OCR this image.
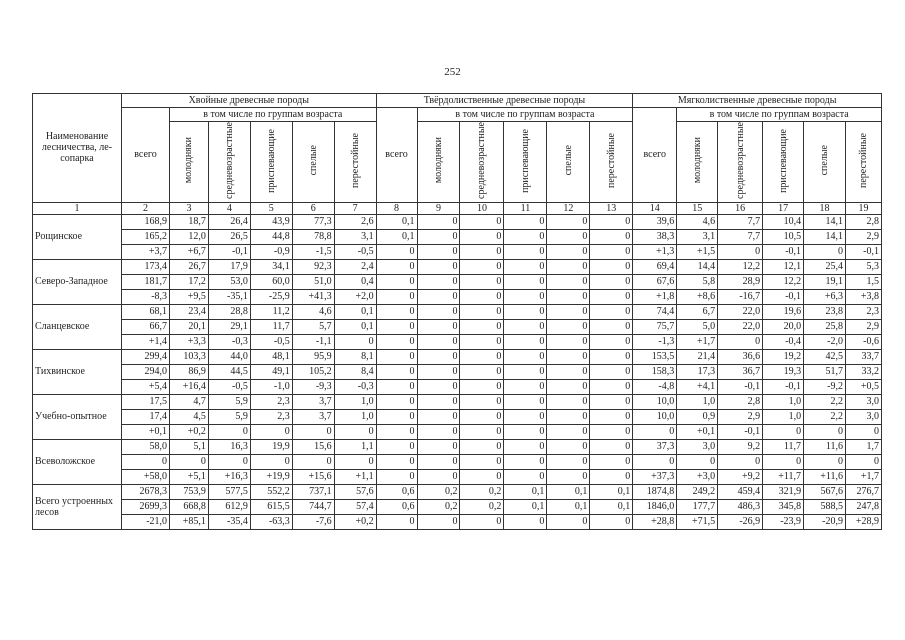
252
Наименование лесничества, ле-сопарка	Хвойные древесные породы						Твёрдолиственные древесные породы						Мягколиственные древесные породы					
	всего	в том числе по группам возраста					всего	в том числе по группам возраста					всего	в том числе по группам возраста				
		молодняки	средневозрастные	приспевающие	спелые	перестойные		молодняки	средневозрастные	приспевающие	спелые	перестойные		молодняки	средневозрастные	приспевающие	спелые	перестойные
1	2	3	4	5	6	7	8	9	10	11	12	13	14	15	16	17	18	19
Рощинское	168,9	18,7	26,4	43,9	77,3	2,6	0,1	0	0	0	0	0	39,6	4,6	7,7	10,4	14,1	2,8
	165,2	12,0	26,5	44,8	78,8	3,1	0,1	0	0	0	0	0	38,3	3,1	7,7	10,5	14,1	2,9
	+3,7	+6,7	-0,1	-0,9	-1,5	-0,5	0	0	0	0	0	0	+1,3	+1,5	0	-0,1	0	-0,1
Северо-Западное	173,4	26,7	17,9	34,1	92,3	2,4	0	0	0	0	0	0	69,4	14,4	12,2	12,1	25,4	5,3
	181,7	17,2	53,0	60,0	51,0	0,4	0	0	0	0	0	0	67,6	5,8	28,9	12,2	19,1	1,5
	-8,3	+9,5	-35,1	-25,9	+41,3	+2,0	0	0	0	0	0	0	+1,8	+8,6	-16,7	-0,1	+6,3	+3,8
Сланцевское	68,1	23,4	28,8	11,2	4,6	0,1	0	0	0	0	0	0	74,4	6,7	22,0	19,6	23,8	2,3
	66,7	20,1	29,1	11,7	5,7	0,1	0	0	0	0	0	0	75,7	5,0	22,0	20,0	25,8	2,9
	+1,4	+3,3	-0,3	-0,5	-1,1	0	0	0	0	0	0	0	-1,3	+1,7	0	-0,4	-2,0	-0,6
Тихвинское	299,4	103,3	44,0	48,1	95,9	8,1	0	0	0	0	0	0	153,5	21,4	36,6	19,2	42,5	33,7
	294,0	86,9	44,5	49,1	105,2	8,4	0	0	0	0	0	0	158,3	17,3	36,7	19,3	51,7	33,2
	+5,4	+16,4	-0,5	-1,0	-9,3	-0,3	0	0	0	0	0	0	-4,8	+4,1	-0,1	-0,1	-9,2	+0,5
Учебно-опытное	17,5	4,7	5,9	2,3	3,7	1,0	0	0	0	0	0	0	10,0	1,0	2,8	1,0	2,2	3,0
	17,4	4,5	5,9	2,3	3,7	1,0	0	0	0	0	0	0	10,0	0,9	2,9	1,0	2,2	3,0
	+0,1	+0,2	0	0	0	0	0	0	0	0	0	0	0	+0,1	-0,1	0	0	0
Всеволожское	58,0	5,1	16,3	19,9	15,6	1,1	0	0	0	0	0	0	37,3	3,0	9,2	11,7	11,6	1,7
	0	0	0	0	0	0	0	0	0	0	0	0	0	0	0	0	0	0
	+58,0	+5,1	+16,3	+19,9	+15,6	+1,1	0	0	0	0	0	0	+37,3	+3,0	+9,2	+11,7	+11,6	+1,7
Всего устроенных лесов	2678,3	753,9	577,5	552,2	737,1	57,6	0,6	0,2	0,2	0,1	0,1	0,1	1874,8	249,2	459,4	321,9	567,6	276,7
	2699,3	668,8	612,9	615,5	744,7	57,4	0,6	0,2	0,2	0,1	0,1	0,1	1846,0	177,7	486,3	345,8	588,5	247,8
	-21,0	+85,1	-35,4	-63,3	-7,6	+0,2	0	0	0	0	0	0	+28,8	+71,5	-26,9	-23,9	-20,9	+28,9
